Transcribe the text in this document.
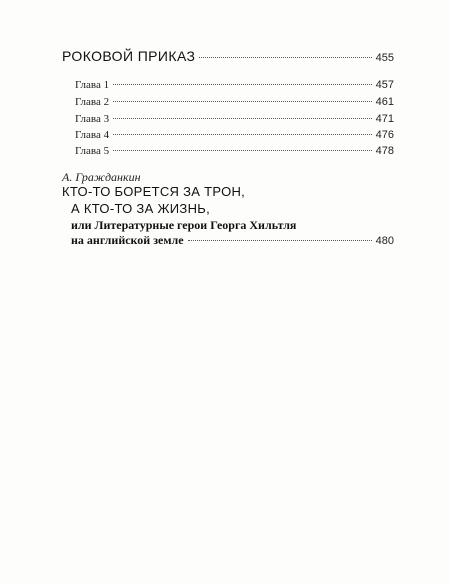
РОКОВОЙ ПРИКАЗ	455
Глава 1	457
Глава 2	461
Глава 3	471
Глава 4	476
Глава 5	478
А. Гражданкин
КТО-ТО БОРЕТСЯ ЗА ТРОН,
А КТО-ТО ЗА ЖИЗНЬ,
или Литературные герои Георга Хильтля
на английской земле	480
